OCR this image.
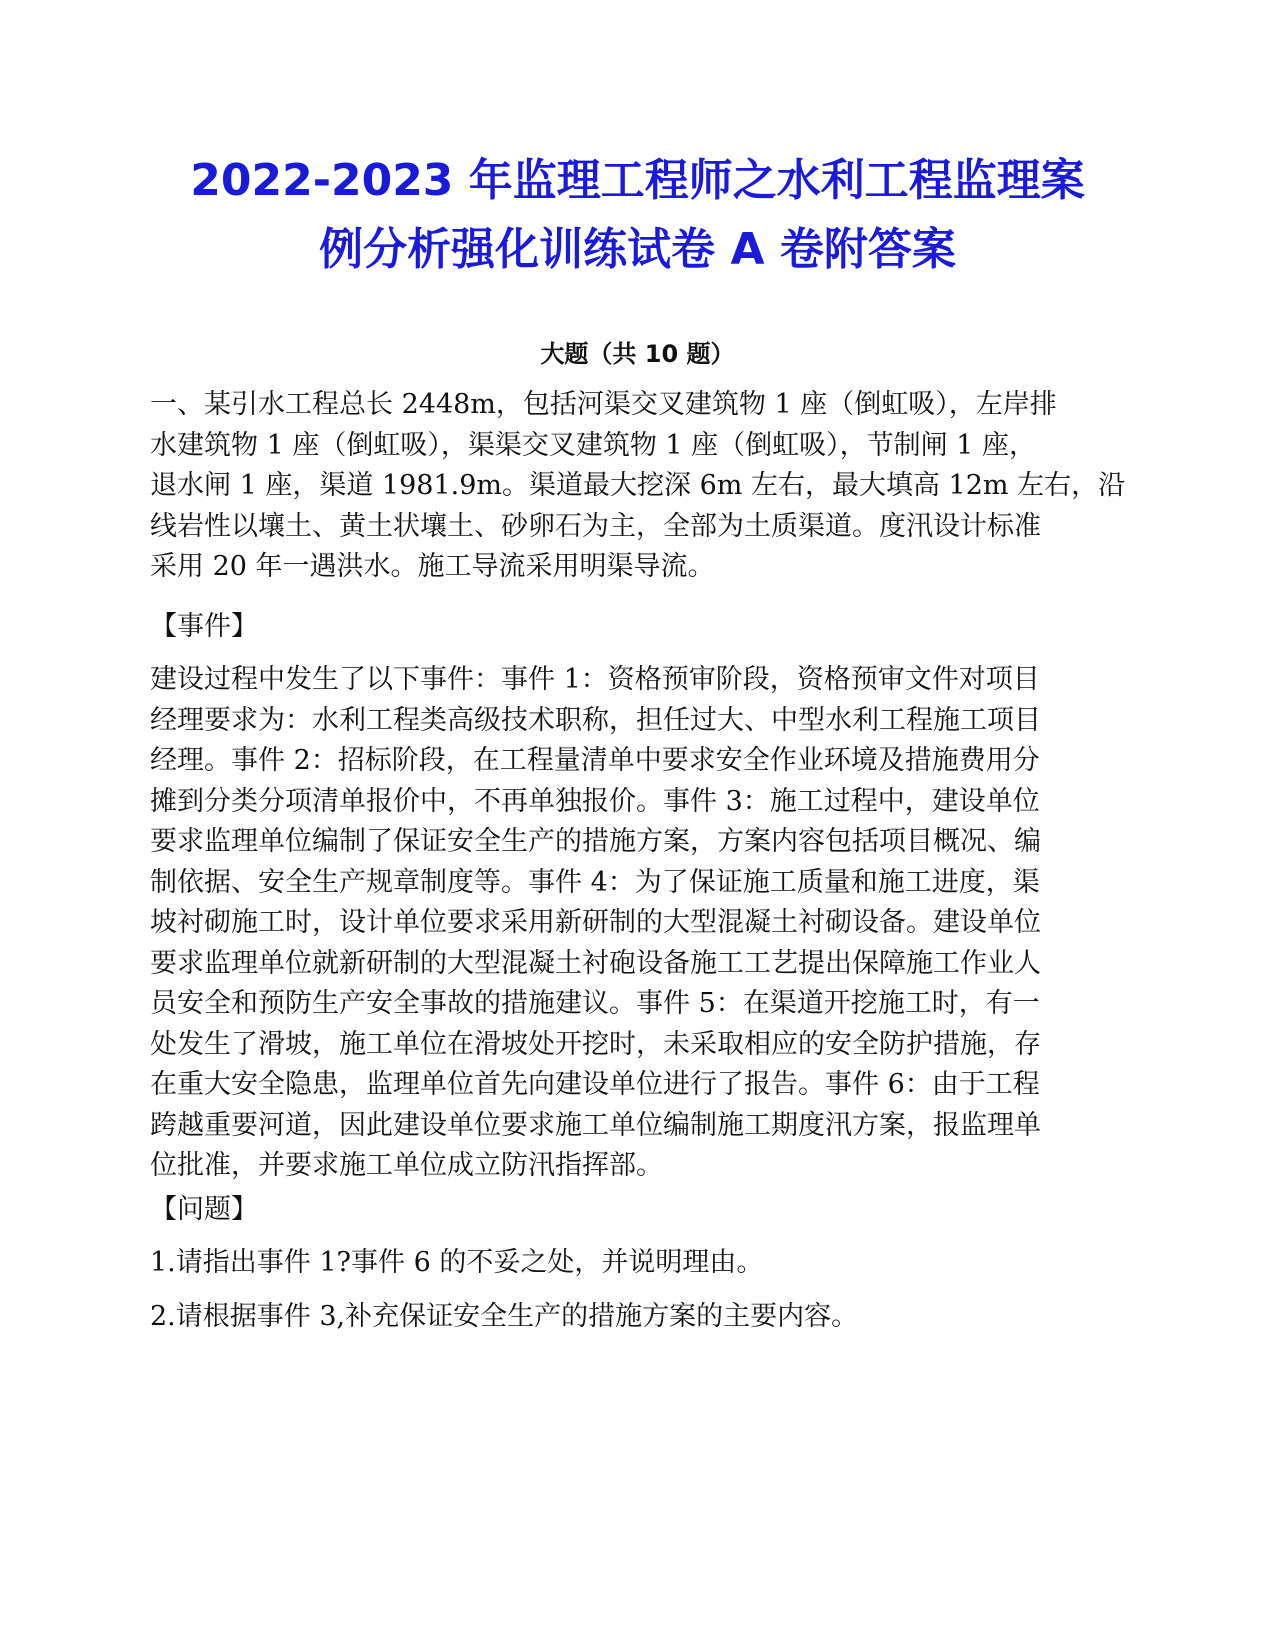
2022-2023 年监理工程师之水利工程监理案
例分析强化训练试卷 A 卷附答案
大题（共 10 题）

一、某引水工程总长 2448m，包括河渠交叉建筑物 1 座（倒虹吸），左岸排
水建筑物 1 座（倒虹吸），渠渠交叉建筑物 1 座（倒虹吸），节制闸 1 座，
退水闸 1 座，渠道 1981.9m。渠道最大挖深 6m 左右，最大填高 12m 左右，沿
线岩性以壤土、黄土状壤土、砂卵石为主，全部为土质渠道。度汛设计标准
采用 20 年一遇洪水。施工导流采用明渠导流。

【事件】

建设过程中发生了以下事件：事件 1：资格预审阶段，资格预审文件对项目
经理要求为：水利工程类高级技术职称，担任过大、中型水利工程施工项目
经理。事件 2：招标阶段，在工程量清单中要求安全作业环境及措施费用分
摊到分类分项清单报价中，不再单独报价。事件 3：施工过程中，建设单位
要求监理单位编制了保证安全生产的措施方案，方案内容包括项目概况、编
制依据、安全生产规章制度等。事件 4：为了保证施工质量和施工进度，渠
坡衬砌施工时，设计单位要求采用新研制的大型混凝土衬砌设备。建设单位
要求监理单位就新研制的大型混凝土衬砲设备施工工艺提出保障施工作业人
员安全和预防生产安全事故的措施建议。事件 5：在渠道开挖施工时，有一
处发生了滑坡，施工单位在滑坡处开挖时，未采取相应的安全防护措施，存
在重大安全隐患，监理单位首先向建设单位进行了报告。事件 6：由于工程
跨越重要河道，因此建设单位要求施工单位编制施工期度汛方案，报监理单
位批准，并要求施工单位成立防汛指挥部。

【问题】

1.请指出事件 1?事件 6 的不妥之处，并说明理由。

2.请根据事件 3,补充保证安全生产的措施方案的主要内容。
